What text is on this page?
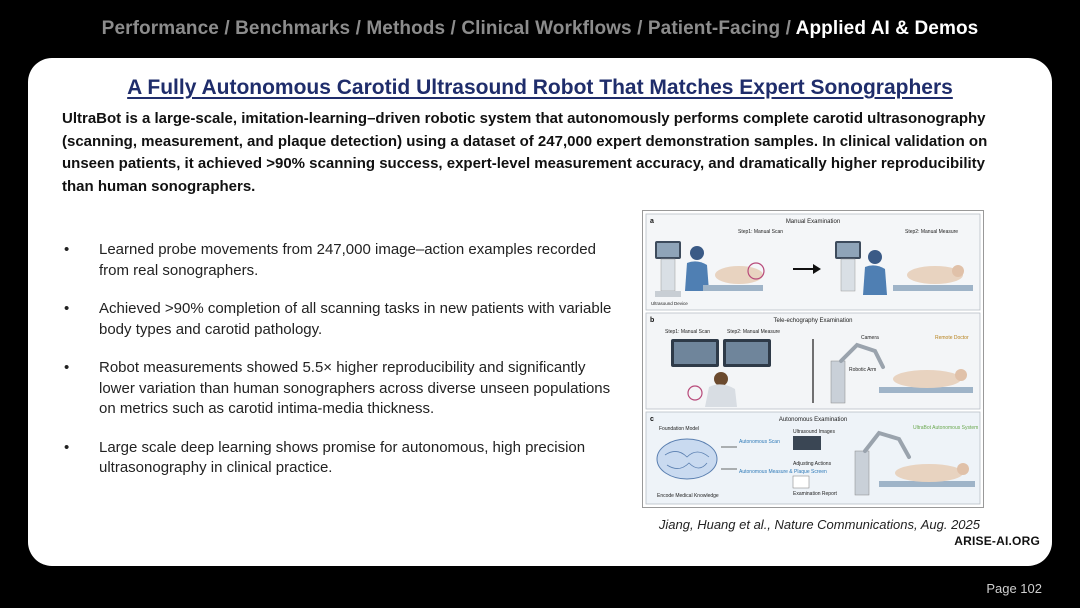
Performance / Benchmarks / Methods / Clinical Workflows / Patient-Facing / Applied AI & Demos
A Fully Autonomous Carotid Ultrasound Robot That Matches Expert Sonographers
UltraBot is a large-scale, imitation-learning–driven robotic system that autonomously performs complete carotid ultrasonography (scanning, measurement, and plaque detection) using a dataset of 247,000 expert demonstration samples. In clinical validation on unseen patients, it achieved >90% scanning success, expert-level measurement accuracy, and dramatically higher reproducibility than human sonographers.
• Learned probe movements from 247,000 image–action examples recorded from real sonographers.
• Achieved >90% completion of all scanning tasks in new patients with variable body types and carotid pathology.
• Robot measurements showed 5.5× higher reproducibility and significantly lower variation than human sonographers across diverse unseen populations on metrics such as carotid intima-media thickness.
• Large scale deep learning shows promise for autonomous, high precision ultrasonography in clinical practice.
a	Manual Examination
Step1: Manual Scan	Step2: Manual Measure
Ultrasound Device
b	Tele-echography Examination
Step1: Manual Scan	Step2: Manual Measure
Camera	Remote Doctor
Robotic Arm
c	Autonomous Examination
Foundation Model
Encode Medical Knowledge
Autonomous Scan
Autonomous Measure & Plaque Screen
Ultrasound Images
Adjusting Actions
Examination Report
UltraBot Autonomous System
Jiang, Huang et al., Nature Communications, Aug. 2025
ARISE-AI.ORG
Page 102
